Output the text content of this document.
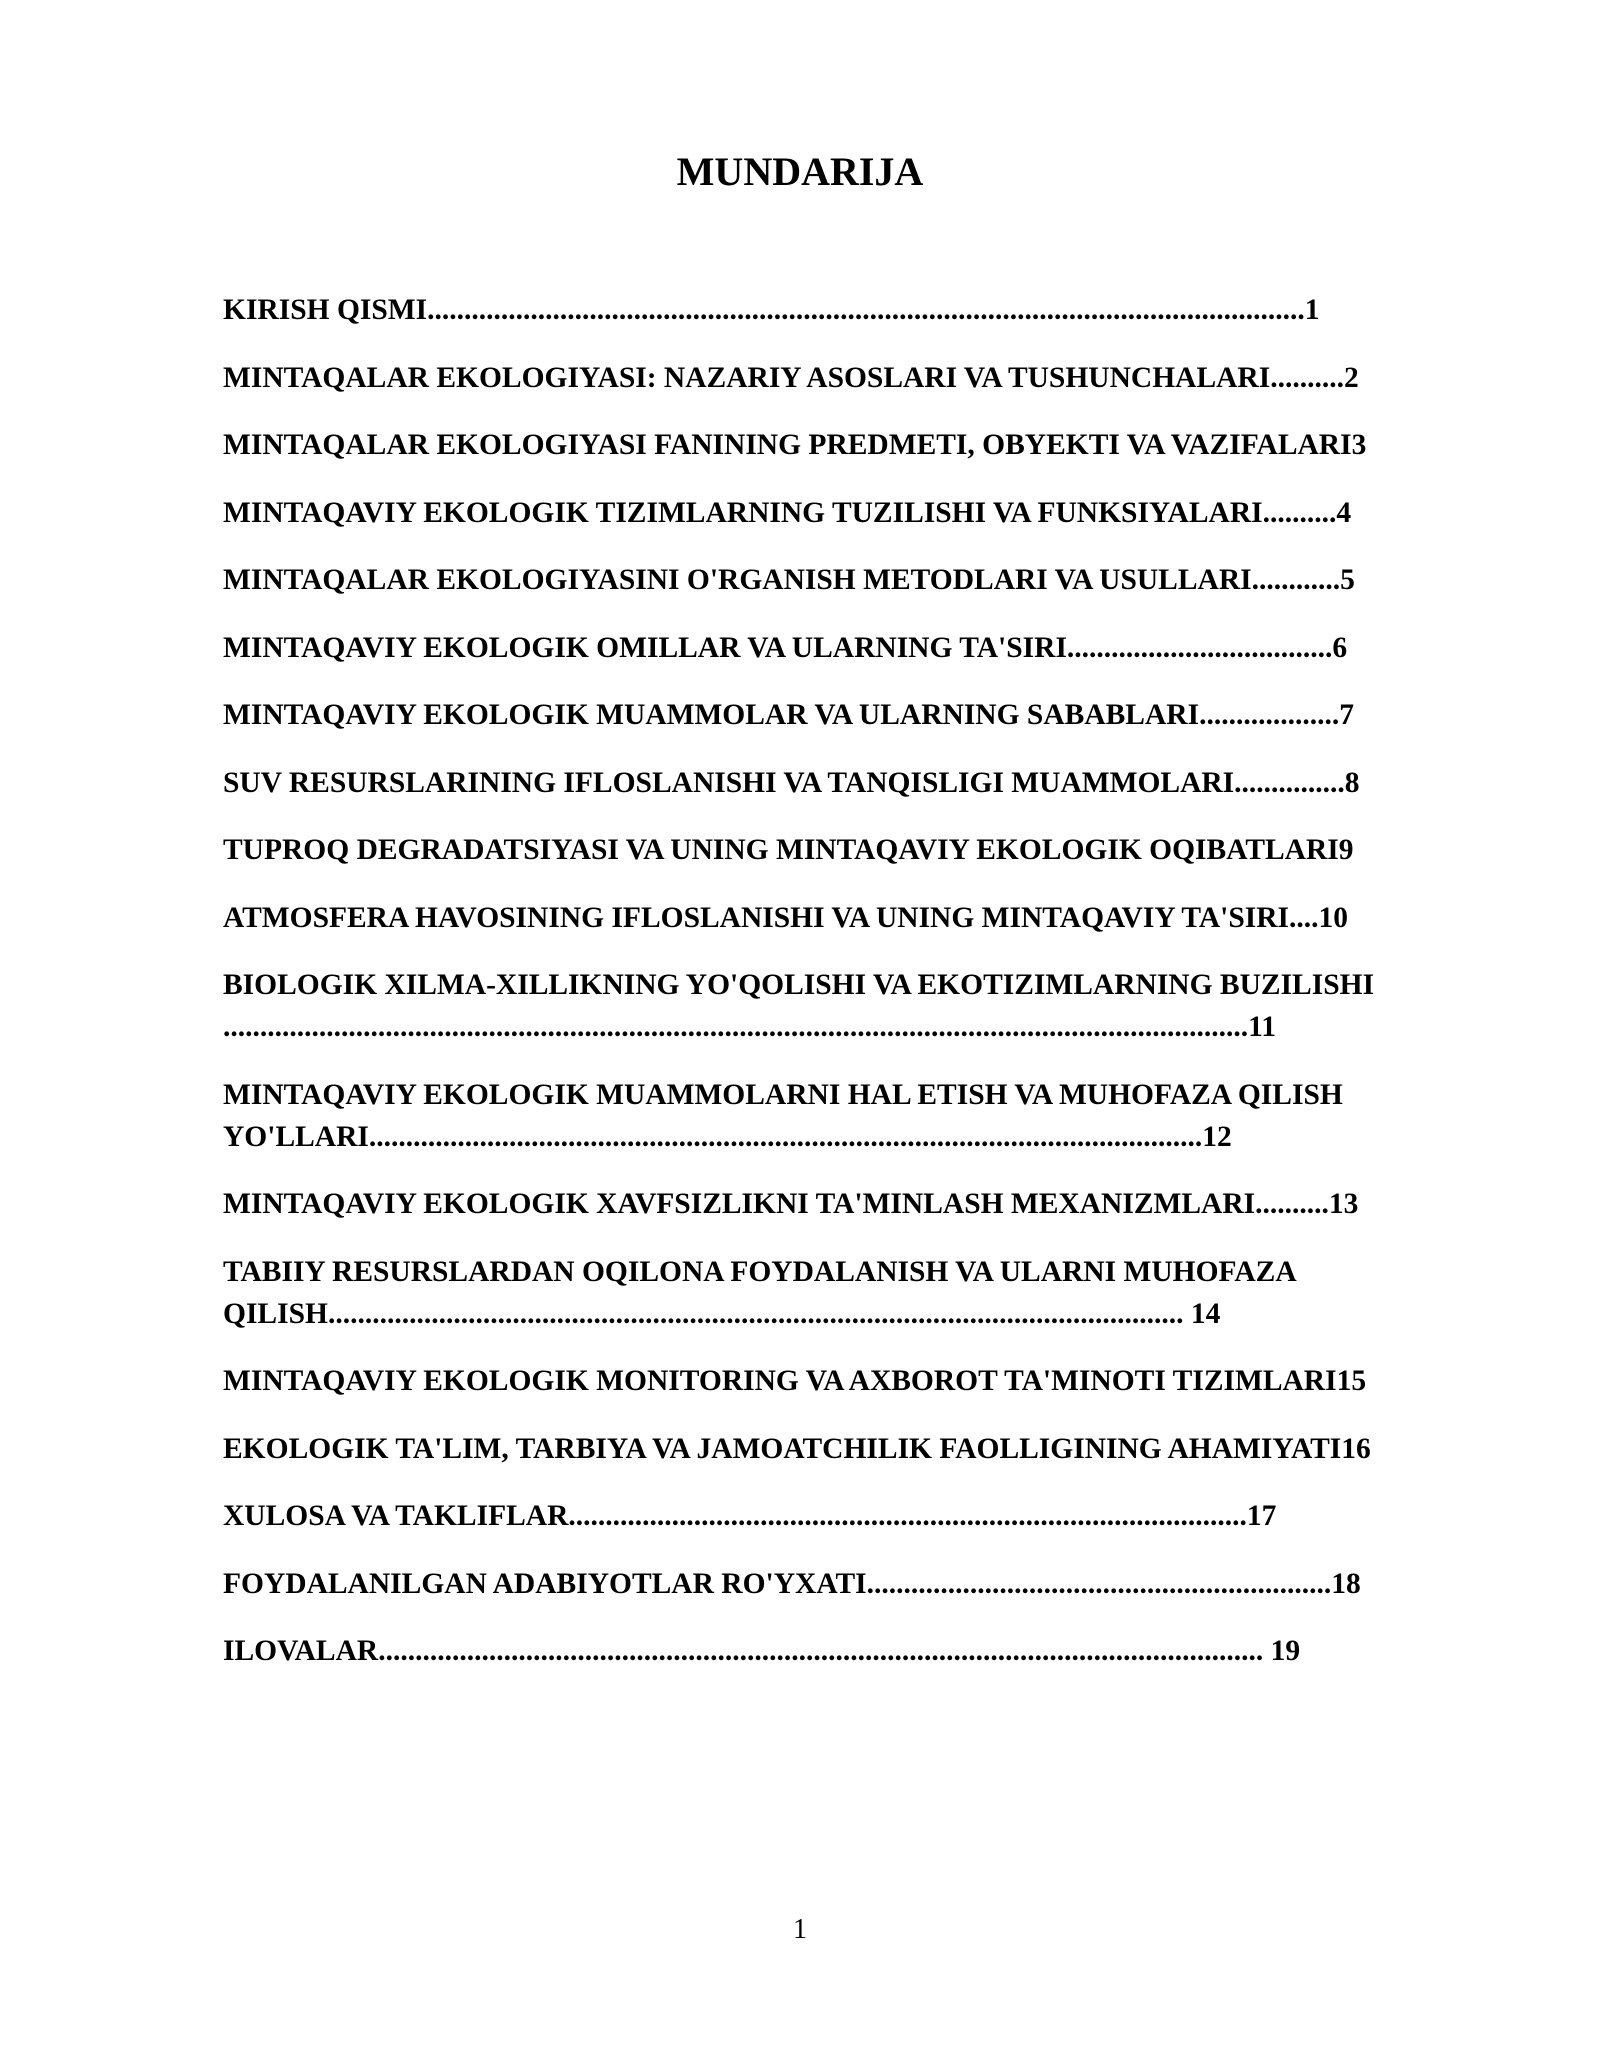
MUNDARIJA
KIRISH QISMI.......................................................................................................................1
MINTAQALAR EKOLOGIYASI: NAZARIY ASOSLARI VA TUSHUNCHALARI..........2
MINTAQALAR EKOLOGIYASI FANINING PREDMETI, OBYEKTI VA VAZIFALARI3
MINTAQAVIY EKOLOGIK TIZIMLARNING TUZILISHI VA FUNKSIYALARI..........4
MINTAQALAR EKOLOGIYASINI O'RGANISH METODLARI VA USULLARI............5
MINTAQAVIY EKOLOGIK OMILLAR VA ULARNING TA'SIRI....................................6
MINTAQAVIY EKOLOGIK MUAMMOLAR VA ULARNING SABABLARI...................7
SUV RESURSLARINING IFLOSLANISHI VA TANQISLIGI MUAMMOLARI...............8
TUPROQ DEGRADATSIYASI VA UNING MINTAQAVIY EKOLOGIK OQIBATLARI9
ATMOSFERA HAVOSINING IFLOSLANISHI VA UNING MINTAQAVIY TA'SIRI....10
BIOLOGIK XILMA-XILLIKNING YO'QOLISHI VA EKOTIZIMLARNING BUZILISHI
...........................................................................................................................................11
MINTAQAVIY EKOLOGIK MUAMMOLARNI HAL ETISH VA MUHOFAZA QILISH
YO'LLARI.................................................................................................................12
MINTAQAVIY EKOLOGIK XAVFSIZLIKNI TA'MINLASH MEXANIZMLARI..........13
TABIIY RESURSLARDAN OQILONA FOYDALANISH VA ULARNI MUHOFAZA
QILISH.................................................................................................................... 14
MINTAQAVIY EKOLOGIK MONITORING VA AXBOROT TA'MINOTI TIZIMLARI15
EKOLOGIK TA'LIM, TARBIYA VA JAMOATCHILIK FAOLLIGINING AHAMIYATI16
XULOSA VA TAKLIFLAR............................................................................................17
FOYDALANILGAN ADABIYOTLAR RO'YXATI...............................................................18
ILOVALAR........................................................................................................................ 19
1
